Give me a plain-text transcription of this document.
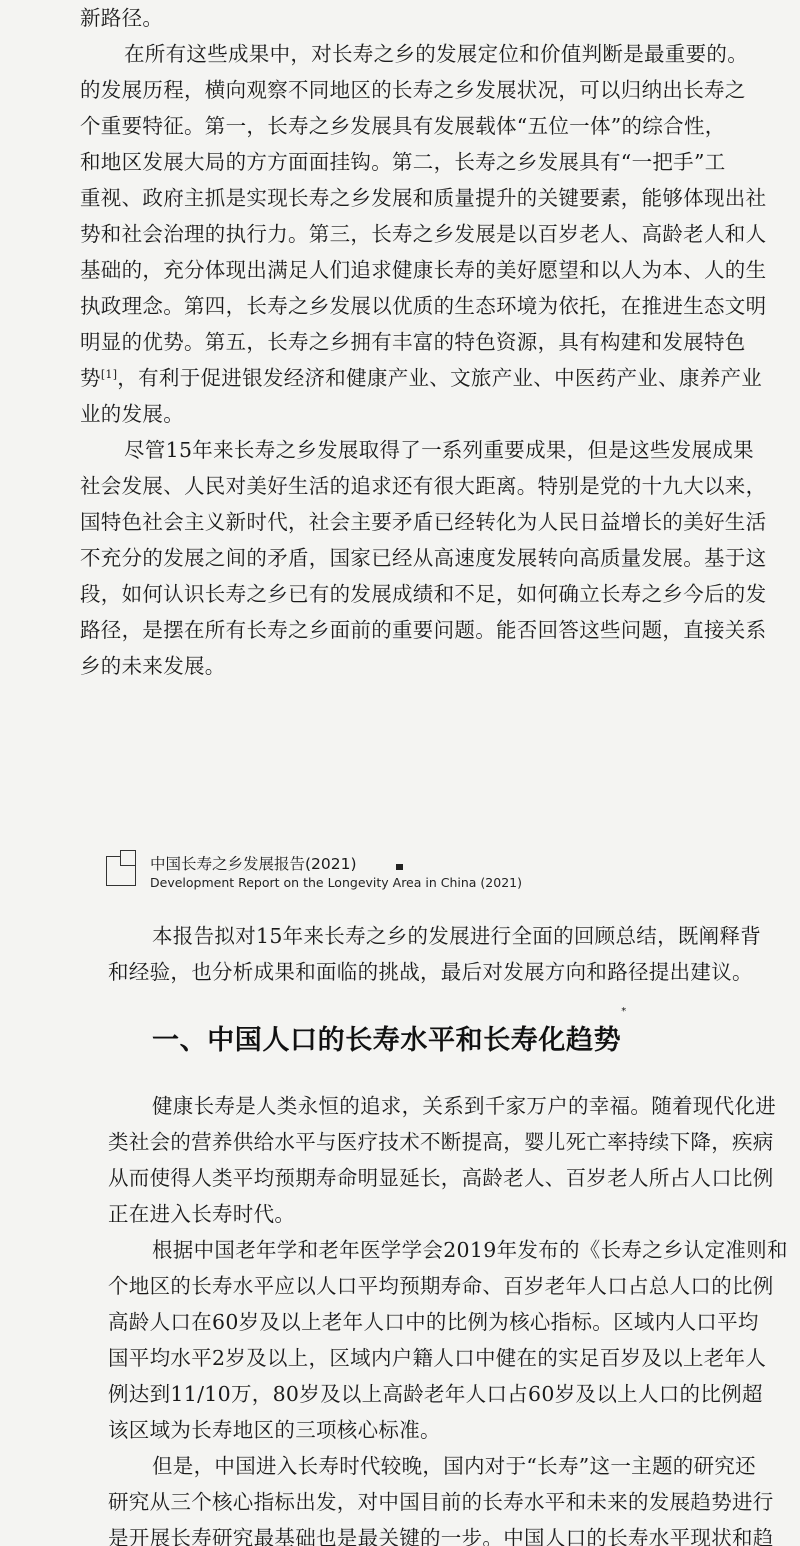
新路径。
在所有这些成果中，对长寿之乡的发展定位和价值判断是最重要的。
的发展历程，横向观察不同地区的长寿之乡发展状况，可以归纳出长寿之
个重要特征。第一，长寿之乡发展具有发展载体“五位一体”的综合性，
和地区发展大局的方方面面挂钩。第二，长寿之乡发展具有“一把手”工
重视、政府主抓是实现长寿之乡发展和质量提升的关键要素，能够体现出社
势和社会治理的执行力。第三，长寿之乡发展是以百岁老人、高龄老人和人
基础的，充分体现出满足人们追求健康长寿的美好愿望和以人为本、人的生
执政理念。第四，长寿之乡发展以优质的生态环境为依托，在推进生态文明
明显的优势。第五，长寿之乡拥有丰富的特色资源，具有构建和发展特色
势[1]，有利于促进银发经济和健康产业、文旅产业、中医药产业、康养产业
业的发展。
尽管15年来长寿之乡发展取得了一系列重要成果，但是这些发展成果
社会发展、人民对美好生活的追求还有很大距离。特别是党的十九大以来，
国特色社会主义新时代，社会主要矛盾已经转化为人民日益增长的美好生活
不充分的发展之间的矛盾，国家已经从高速度发展转向高质量发展。基于这
段，如何认识长寿之乡已有的发展成绩和不足，如何确立长寿之乡今后的发
路径，是摆在所有长寿之乡面前的重要问题。能否回答这些问题，直接关系
乡的未来发展。
中国长寿之乡发展报告(2021)
Development Report on the Longevity Area in China (2021)
本报告拟对15年来长寿之乡的发展进行全面的回顾总结，既阐释背
和经验，也分析成果和面临的挑战，最后对发展方向和路径提出建议。
一、中国人口的长寿水平和长寿化趋势*
健康长寿是人类永恒的追求，关系到千家万户的幸福。随着现代化进
类社会的营养供给水平与医疗技术不断提高，婴儿死亡率持续下降，疾病
从而使得人类平均预期寿命明显延长，高龄老人、百岁老人所占人口比例
正在进入长寿时代。
根据中国老年学和老年医学学会2019年发布的《长寿之乡认定准则和
个地区的长寿水平应以人口平均预期寿命、百岁老年人口占总人口的比例
高龄人口在60岁及以上老年人口中的比例为核心指标。区域内人口平均
国平均水平2岁及以上，区域内户籍人口中健在的实足百岁及以上老年人
例达到11/10万，80岁及以上高龄老年人口占60岁及以上人口的比例超
该区域为长寿地区的三项核心标准。
但是，中国进入长寿时代较晚，国内对于“长寿”这一主题的研究还
研究从三个核心指标出发，对中国目前的长寿水平和未来的发展趋势进行
是开展长寿研究最基础也是最关键的一步。中国人口的长寿水平现状和趋
